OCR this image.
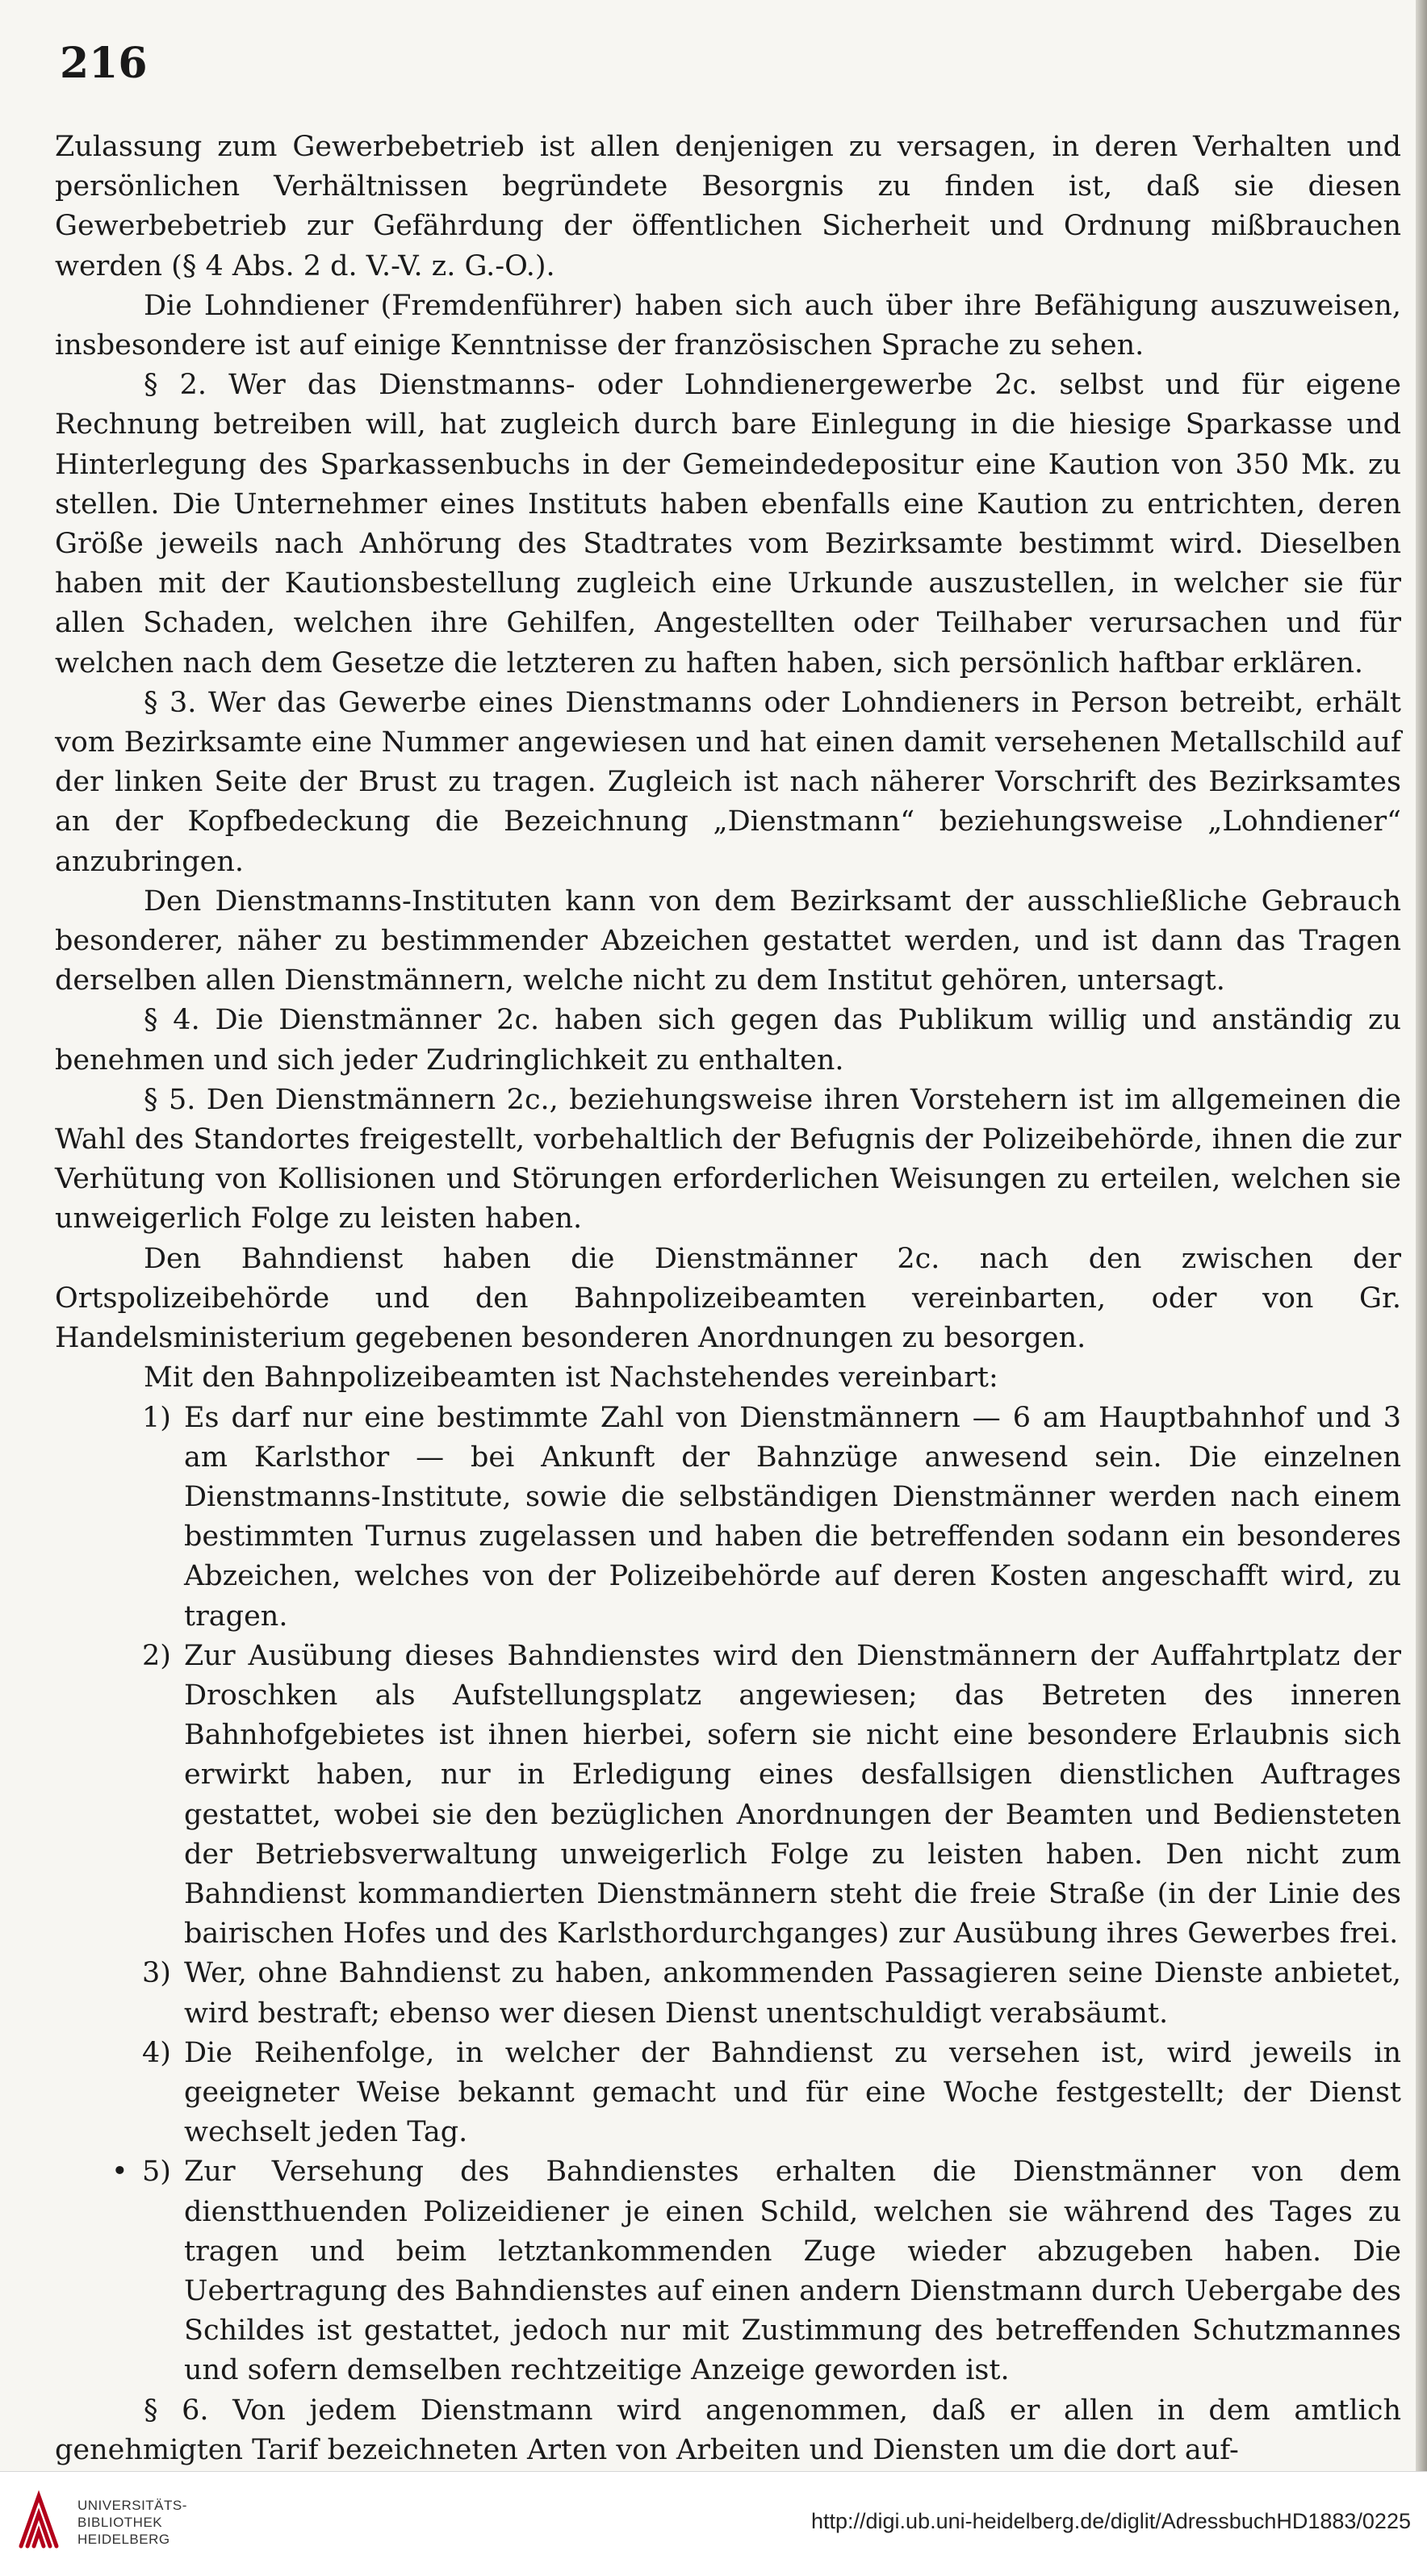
216

Zulassung zum Gewerbebetrieb ist allen denjenigen zu versagen, in deren Verhalten und persönlichen Verhältnissen begründete Besorgnis zu finden ist, daß sie diesen Gewerbebetrieb zur Gefährdung der öffentlichen Sicherheit und Ordnung mißbrauchen werden (§ 4 Abs. 2 d. V.-V. z. G.-O.).

Die Lohndiener (Fremdenführer) haben sich auch über ihre Befähigung auszuweisen, insbesondere ist auf einige Kenntnisse der französischen Sprache zu sehen.

§ 2. Wer das Dienstmanns- oder Lohndienergewerbe 2c. selbst und für eigene Rechnung betreiben will, hat zugleich durch bare Einlegung in die hiesige Sparkasse und Hinterlegung des Sparkassenbuchs in der Gemeindedepositur eine Kaution von 350 Mk. zu stellen. Die Unternehmer eines Instituts haben ebenfalls eine Kaution zu entrichten, deren Größe jeweils nach Anhörung des Stadtrates vom Bezirksamte bestimmt wird. Dieselben haben mit der Kautionsbestellung zugleich eine Urkunde auszustellen, in welcher sie für allen Schaden, welchen ihre Gehilfen, Angestellten oder Teilhaber verursachen und für welchen nach dem Gesetze die letzteren zu haften haben, sich persönlich haftbar erklären.

§ 3. Wer das Gewerbe eines Dienstmanns oder Lohndieners in Person betreibt, erhält vom Bezirksamte eine Nummer angewiesen und hat einen damit versehenen Metallschild auf der linken Seite der Brust zu tragen. Zugleich ist nach näherer Vorschrift des Bezirksamtes an der Kopfbedeckung die Bezeichnung „Dienstmann“ beziehungsweise „Lohndiener“ anzubringen.

Den Dienstmanns-Instituten kann von dem Bezirksamt der ausschließliche Gebrauch besonderer, näher zu bestimmender Abzeichen gestattet werden, und ist dann das Tragen derselben allen Dienstmännern, welche nicht zu dem Institut gehören, untersagt.

§ 4. Die Dienstmänner 2c. haben sich gegen das Publikum willig und anständig zu benehmen und sich jeder Zudringlichkeit zu enthalten.

§ 5. Den Dienstmännern 2c., beziehungsweise ihren Vorstehern ist im allgemeinen die Wahl des Standortes freigestellt, vorbehaltlich der Befugnis der Polizeibehörde, ihnen die zur Verhütung von Kollisionen und Störungen erforderlichen Weisungen zu erteilen, welchen sie unweigerlich Folge zu leisten haben.

Den Bahndienst haben die Dienstmänner 2c. nach den zwischen der Ortspolizeibehörde und den Bahnpolizeibeamten vereinbarten, oder von Gr. Handelsministerium gegebenen besonderen Anordnungen zu besorgen.

Mit den Bahnpolizeibeamten ist Nachstehendes vereinbart:

1) Es darf nur eine bestimmte Zahl von Dienstmännern — 6 am Hauptbahnhof und 3 am Karlsthor — bei Ankunft der Bahnzüge anwesend sein. Die einzelnen Dienstmanns-Institute, sowie die selbständigen Dienstmänner werden nach einem bestimmten Turnus zugelassen und haben die betreffenden sodann ein besonderes Abzeichen, welches von der Polizeibehörde auf deren Kosten angeschafft wird, zu tragen.

2) Zur Ausübung dieses Bahndienstes wird den Dienstmännern der Auffahrtplatz der Droschken als Aufstellungsplatz angewiesen; das Betreten des inneren Bahnhofgebietes ist ihnen hierbei, sofern sie nicht eine besondere Erlaubnis sich erwirkt haben, nur in Erledigung eines desfallsigen dienstlichen Auftrages gestattet, wobei sie den bezüglichen Anordnungen der Beamten und Bediensteten der Betriebsverwaltung unweigerlich Folge zu leisten haben. Den nicht zum Bahndienst kommandierten Dienstmännern steht die freie Straße (in der Linie des bairischen Hofes und des Karlsthordurchganges) zur Ausübung ihres Gewerbes frei.

3) Wer, ohne Bahndienst zu haben, ankommenden Passagieren seine Dienste anbietet, wird bestraft; ebenso wer diesen Dienst unentschuldigt verabsäumt.

4) Die Reihenfolge, in welcher der Bahndienst zu versehen ist, wird jeweils in geeigneter Weise bekannt gemacht und für eine Woche festgestellt; der Dienst wechselt jeden Tag.

• 5) Zur Versehung des Bahndienstes erhalten die Dienstmänner von dem dienstthuenden Polizeidiener je einen Schild, welchen sie während des Tages zu tragen und beim letztankommenden Zuge wieder abzugeben haben. Die Uebertragung des Bahndienstes auf einen andern Dienstmann durch Uebergabe des Schildes ist gestattet, jedoch nur mit Zustimmung des betreffenden Schutzmannes und sofern demselben rechtzeitige Anzeige geworden ist.

§ 6. Von jedem Dienstmann wird angenommen, daß er allen in dem amtlich genehmigten Tarif bezeichneten Arten von Arbeiten und Diensten um die dort auf-

UNIVERSITÄTS-
BIBLIOTHEK
HEIDELBERG
http://digi.ub.uni-heidelberg.de/diglit/AdressbuchHD1883/0225
